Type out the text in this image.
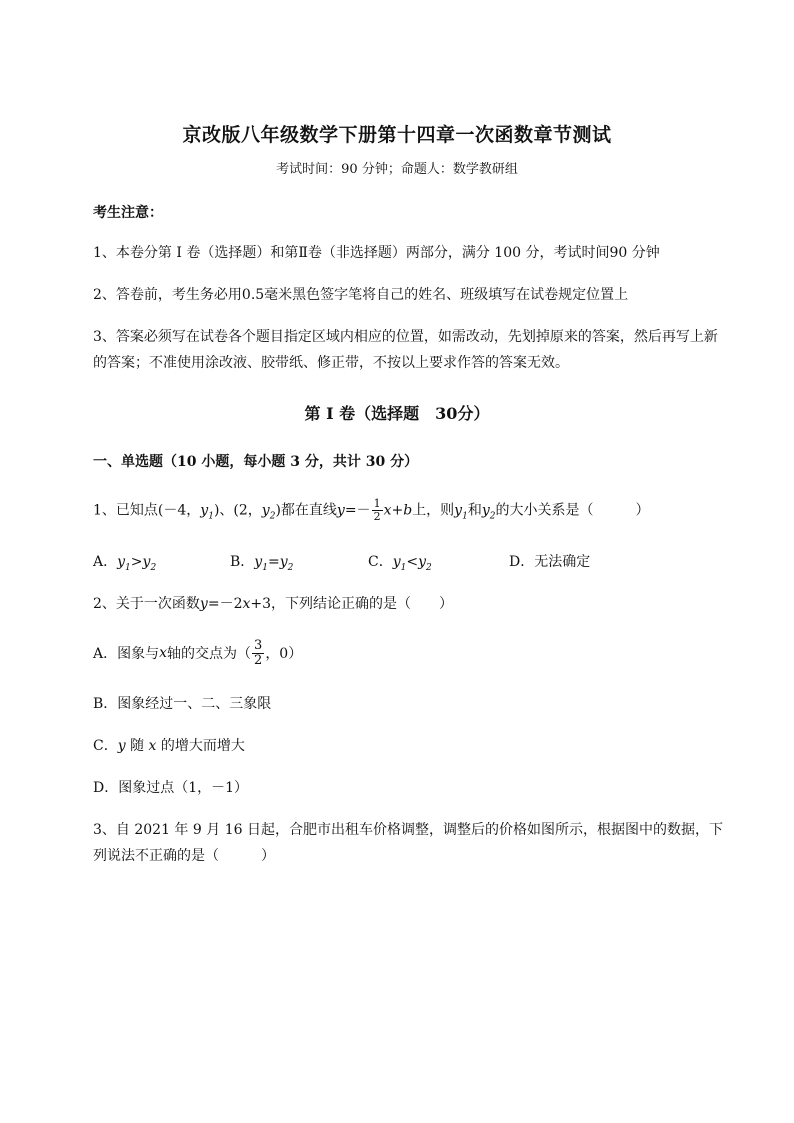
京改版八年级数学下册第十四章一次函数章节测试
考试时间：90 分钟；命题人：数学教研组
考生注意：
1、本卷分第 I 卷（选择题）和第Ⅱ卷（非选择题）两部分，满分 100 分，考试时间90 分钟
2、答卷前，考生务必用0.5毫米黑色签字笔将自己的姓名、班级填写在试卷规定位置上
3、答案必须写在试卷各个题目指定区域内相应的位置，如需改动，先划掉原来的答案，然后再写上新
的答案；不准使用涂改液、胶带纸、修正带，不按以上要求作答的答案无效。
第 I 卷（选择题　30分）
一、单选题（10 小题，每小题 3 分，共计 30 分）
1、已知点(－4，$y_1$)、(2，$y_2$)都在直线$y=- \frac{1}{2} x+b$上，则$y_1$和$y_2$的大小关系是（　　　）
A．$y_1>y_2$	B．$y_1=y_2$	C．$y_1<y_2$	D．无法确定
2、关于一次函数y=－2x+3，下列结论正确的是（　　）
A．图象与 x 轴的交点为（ $\frac{3}{2}$ ，0）
B．图象经过一、二、三象限
C．y 随 x 的增大而增大
D．图象过点（1，－1）
3、自 2021 年 9 月 16 日起，合肥市出租车价格调整，调整后的价格如图所示，根据图中的数据，下
列说法不正确的是（　　　）
